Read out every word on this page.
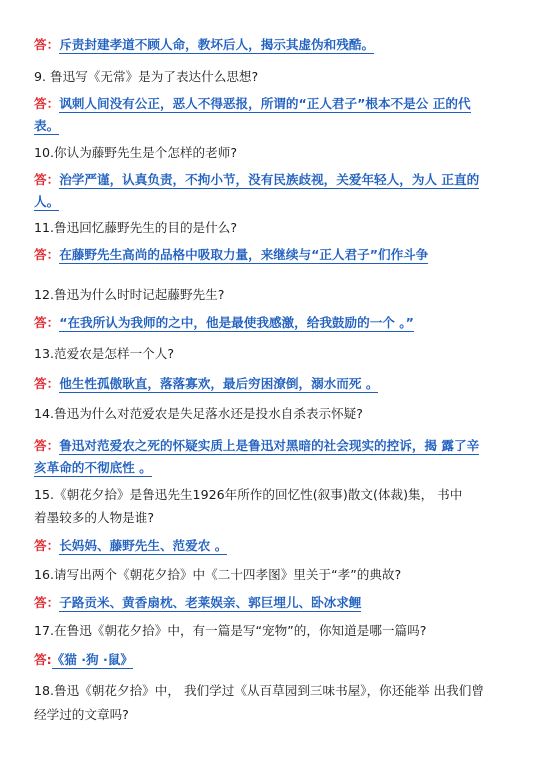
答：斥责封建孝道不顾人命，教坏后人，揭示其虚伪和残酷。
9. 鲁迅写《无常》是为了表达什么思想?
答：讽刺人间没有公正，恶人不得恶报，所谓的“正人君子”根本不是公 正的代
表。
10.你认为藤野先生是个怎样的老师?
答：治学严谨，认真负责，不拘小节，没有民族歧视，关爱年轻人，为人 正直的
人。
11.鲁迅回忆藤野先生的目的是什么?
答：在藤野先生高尚的品格中吸取力量，来继续与“正人君子”们作斗争
12.鲁迅为什么时时记起藤野先生?
答：“在我所认为我师的之中，他是最使我感激，给我鼓励的一个 。”
13.范爱农是怎样一个人?
答：他生性孤傲耿直，落落寡欢，最后穷困潦倒，溺水而死 。
14.鲁迅为什么对范爱农是失足落水还是投水自杀表示怀疑?
答：鲁迅对范爱农之死的怀疑实质上是鲁迅对黑暗的社会现实的控诉，揭 露了辛
亥革命的不彻底性 。
15.《朝花夕拾》是鲁迅先生1926年所作的回忆性(叙事)散文(体裁)集， 书中
着墨较多的人物是谁?
答：长妈妈、藤野先生、范爱农 。
16.请写出两个《朝花夕拾》中《二十四孝图》里关于“孝”的典故?
答：子路贡米、黄香扇枕、老莱娱亲、郭巨埋儿、卧冰求鲤
17.在鲁迅《朝花夕拾》中，有一篇是写“宠物”的，你知道是哪一篇吗?
答:《猫 ·狗 ·鼠》
18.鲁迅《朝花夕拾》中， 我们学过《从百草园到三味书屋》，你还能举 出我们曾
经学过的文章吗?
